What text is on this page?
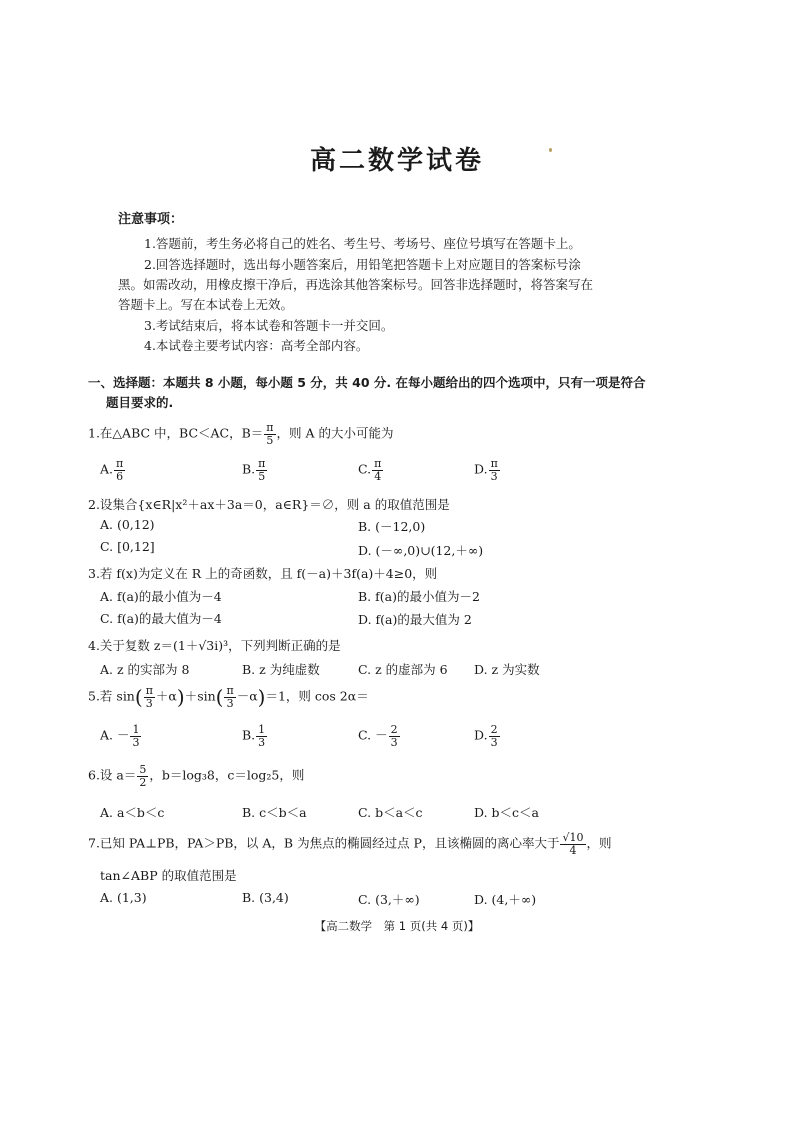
高二数学试卷
注意事项：
1.答题前，考生务必将自己的姓名、考生号、考场号、座位号填写在答题卡上。
2.回答选择题时，选出每小题答案后，用铅笔把答题卡上对应题目的答案标号涂
黑。如需改动，用橡皮擦干净后，再选涂其他答案标号。回答非选择题时，将答案写在
答题卡上。写在本试卷上无效。
3.考试结束后，将本试卷和答题卡一并交回。
4.本试卷主要考试内容：高考全部内容。
一、选择题：本题共 8 小题，每小题 5 分，共 40 分. 在每小题给出的四个选项中，只有一项是符合
题目要求的.
1.在△ABC 中，BC＜AC，$B= \frac{\pi}{5}$ ，则 A 的大小可能为
A. $\frac{\pi}{6}$	B. $\frac{\pi}{5}$	C. $\frac{\pi}{4}$	D. $\frac{\pi}{3}$
2.设集合{x∈R|x²＋ax＋3a＝0，a∈R}＝∅，则 a 的取值范围是
A. (0,12)	B. (－12,0)
C. [0,12]	D. (－∞,0)∪(12,＋∞)
3.若 f(x)为定义在 R 上的奇函数，且 f(－a)＋3f(a)＋4≥0，则
A. f(a)的最小值为－4	B. f(a)的最小值为－2
C. f(a)的最大值为－4	D. f(a)的最大值为 2
4.关于复数 z＝(1＋√3i)³，下列判断正确的是
A. z 的实部为 8	B. z 为纯虚数	C. z 的虚部为 6 D. z 为实数
5.若 $\sin( \frac{\pi}{3} +\alpha)+\sin( \frac{\pi}{3} -\alpha)=1$，则 cos 2α＝
A. － $\frac{1}{3}$	B. $\frac{1}{3}$	C. － $\frac{2}{3}$	D. $\frac{2}{3}$
6.设 $a= \frac{5}{2}$ ，b＝log₃8，c＝log₂5，则
A. a＜b＜c	B. c＜b＜a	C. b＜a＜c	D. b＜c＜a
7.已知 PA⊥PB，PA＞PB，以 A，B 为焦点的椭圆经过点 P，且该椭圆的离心率大于 $\frac{√10}{4}$ ，则
tan∠ABP 的取值范围是
A. (1,3)	B. (3,4)	C. (3,＋∞)	D. (4,＋∞)
【高二数学　第 1 页(共 4 页)】
